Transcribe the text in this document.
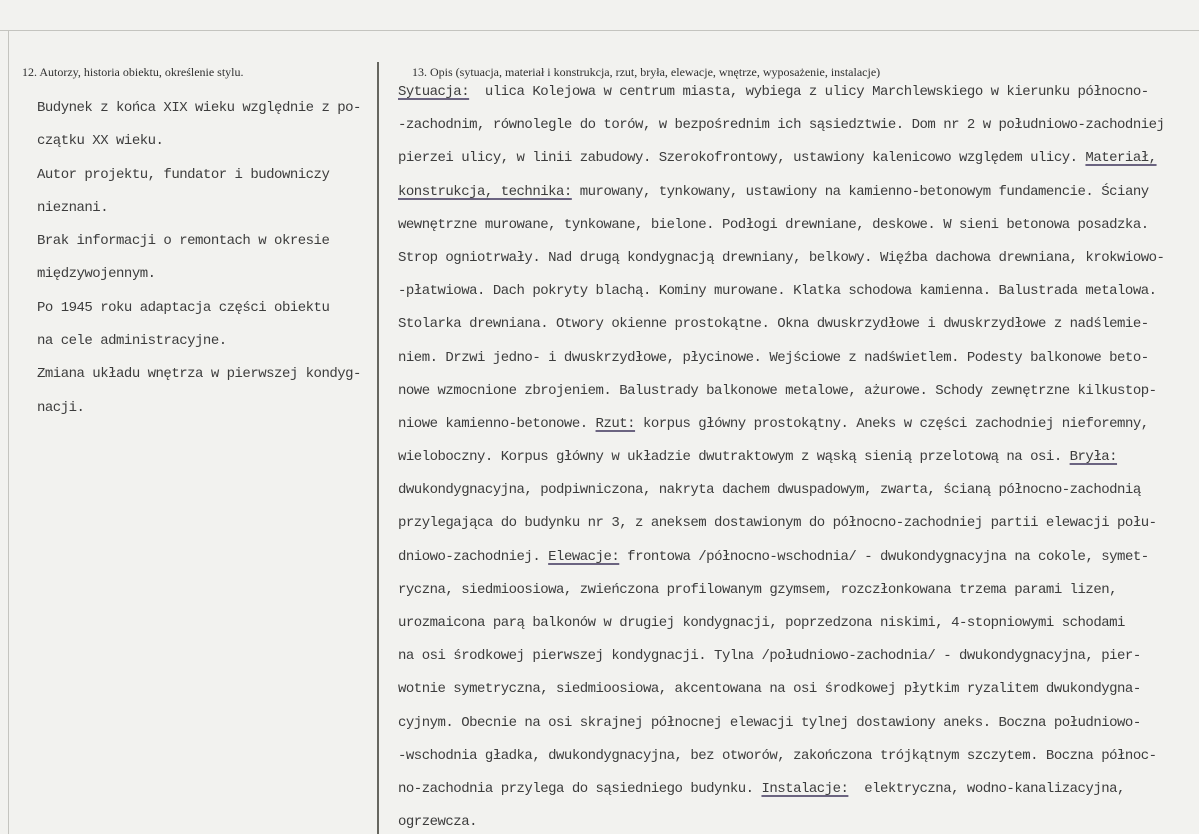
12. Autorzy, historia obiektu, określenie stylu.	13. Opis (sytuacja, materiał i konstrukcja, rzut, bryła, elewacje, wnętrze, wyposażenie, instalacje)
Budynek z końca XIX wieku względnie z po-
czątku XX wieku.
Autor projektu, fundator i budowniczy
nieznani.
Brak informacji o remontach w okresie
międzywojennym.
Po 1945 roku adaptacja części obiektu
na cele administracyjne.
Zmiana układu wnętrza w pierwszej kondyg-
nacji.
Sytuacja:  ulica Kolejowa w centrum miasta, wybiega z ulicy Marchlewskiego w kierunku północno-
-zachodnim, równolegle do torów, w bezpośrednim ich sąsiedztwie. Dom nr 2 w południowo-zachodniej
pierzei ulicy, w linii zabudowy. Szerokofrontowy, ustawiony kalenicowo względem ulicy. Materiał,
konstrukcja, technika: murowany, tynkowany, ustawiony na kamienno-betonowym fundamencie. Ściany
wewnętrzne murowane, tynkowane, bielone. Podłogi drewniane, deskowe. W sieni betonowa posadzka.
Strop ogniotrwały. Nad drugą kondygnacją drewniany, belkowy. Więźba dachowa drewniana, krokwiowo-
-płatwiowa. Dach pokryty blachą. Kominy murowane. Klatka schodowa kamienna. Balustrada metalowa.
Stolarka drewniana. Otwory okienne prostokątne. Okna dwuskrzydłowe i dwuskrzydłowe z nadślemie-
niem. Drzwi jedno- i dwuskrzydłowe, płycinowe. Wejściowe z nadświetlem. Podesty balkonowe beto-
nowe wzmocnione zbrojeniem. Balustrady balkonowe metalowe, ażurowe. Schody zewnętrzne kilkustop-
niowe kamienno-betonowe. Rzut: korpus główny prostokątny. Aneks w części zachodniej nieforemny,
wieloboczny. Korpus główny w układzie dwutraktowym z wąską sienią przelotową na osi. Bryła:
dwukondygnacyjna, podpiwniczona, nakryta dachem dwuspadowym, zwarta, ścianą północno-zachodnią
przylegająca do budynku nr 3, z aneksem dostawionym do północno-zachodniej partii elewacji połu-
dniowo-zachodniej. Elewacje: frontowa /północno-wschodnia/ - dwukondygnacyjna na cokole, symet-
ryczna, siedmioosiowa, zwieńczona profilowanym gzymsem, rozczłonkowana trzema parami lizen,
urozmaicona parą balkonów w drugiej kondygnacji, poprzedzona niskimi, 4-stopniowymi schodami
na osi środkowej pierwszej kondygnacji. Tylna /południowo-zachodnia/ - dwukondygnacyjna, pier-
wotnie symetryczna, siedmioosiowa, akcentowana na osi środkowej płytkim ryzalitem dwukondygna-
cyjnym. Obecnie na osi skrajnej północnej elewacji tylnej dostawiony aneks. Boczna południowo-
-wschodnia gładka, dwukondygnacyjna, bez otworów, zakończona trójkątnym szczytem. Boczna północ-
no-zachodnia przylega do sąsiedniego budynku. Instalacje:  elektryczna, wodno-kanalizacyjna,
ogrzewcza.
